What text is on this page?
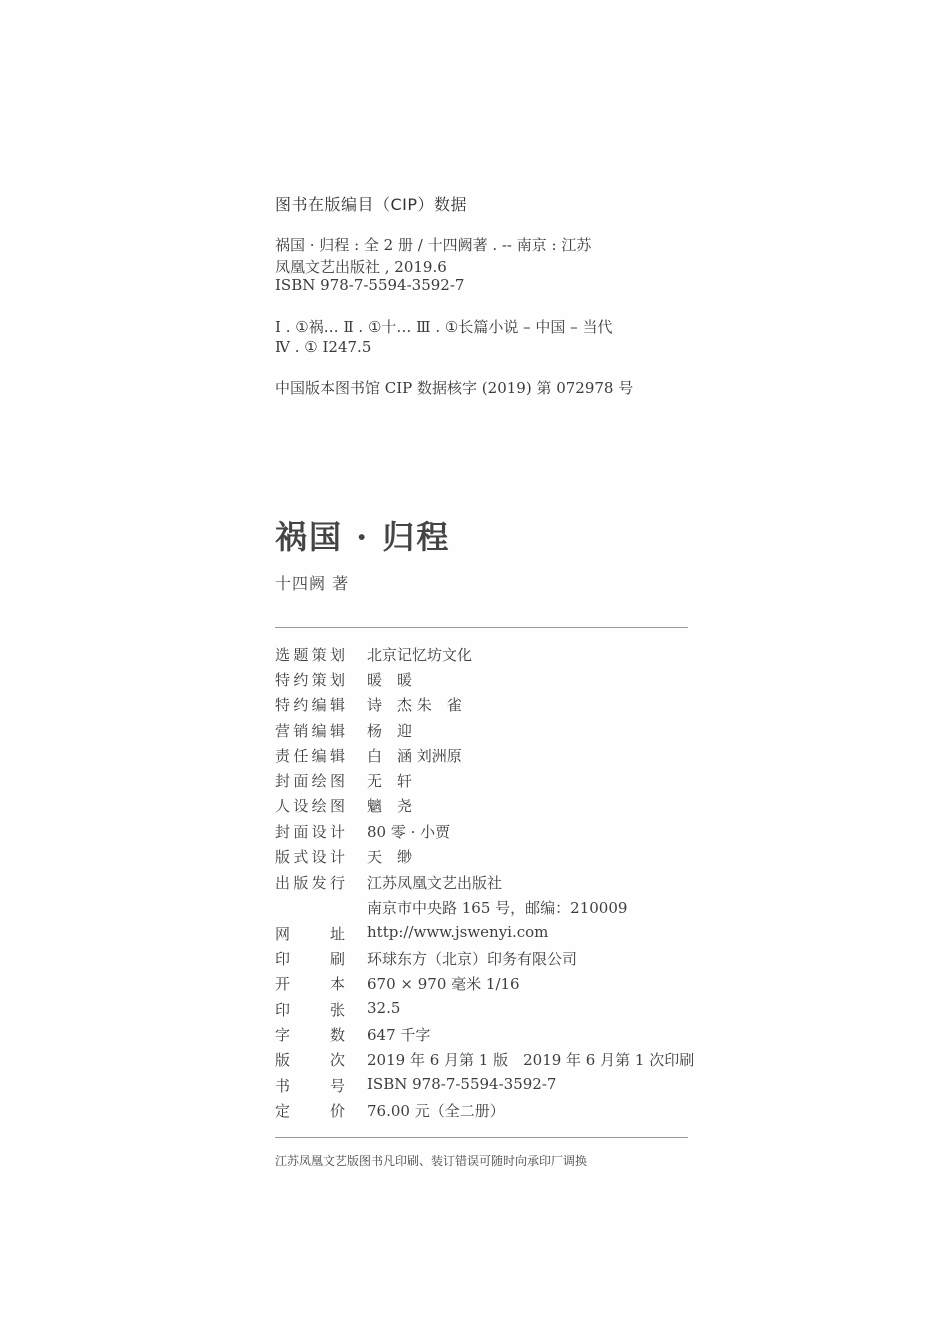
图书在版编目（CIP）数据
祸国 · 归程 : 全 2 册 / 十四阙著 . -- 南京 : 江苏
凤凰文艺出版社 , 2019.6
ISBN 978-7-5594-3592-7
Ⅰ . ①祸… Ⅱ . ①十… Ⅲ . ①长篇小说 – 中国 – 当代
Ⅳ . ① I247.5
中国版本图书馆 CIP 数据核字 (2019) 第 072978 号
祸国 · 归程
十四阙 著
选题策划 北京记忆坊文化
特约策划 暖　暖
特约编辑 诗　杰 朱　雀
营销编辑 杨　迎
责任编辑 白　涵 刘洲原
封面绘图 无　轩
人设绘图 魑　尧
封面设计 80 零 · 小贾
版式设计 天　缈
出版发行 江苏凤凰文艺出版社
南京市中央路 165 号，邮编：210009
网址 http://www.jswenyi.com
印刷 环球东方（北京）印务有限公司
开本 670 × 970 毫米 1/16
印张 32.5
字数 647 千字
版次 2019 年 6 月第 1 版　2019 年 6 月第 1 次印刷
书号 ISBN 978-7-5594-3592-7
定价 76.00 元（全二册）
江苏凤凰文艺版图书凡印刷、装订错误可随时向承印厂调换
